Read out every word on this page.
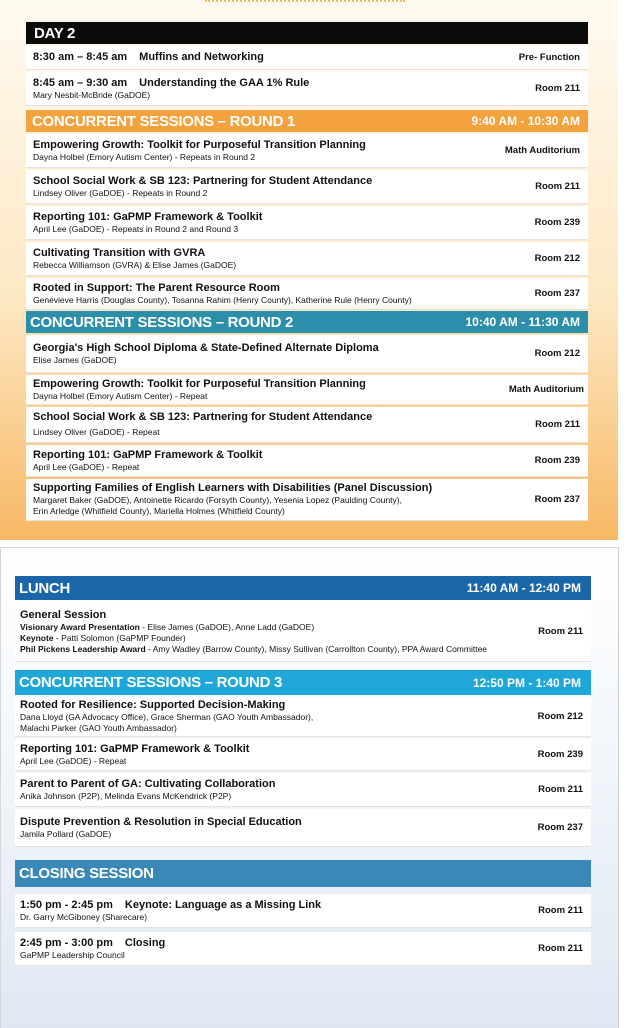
DAY 2
8:30 am – 8:45 am Muffins and Networking	Pre- Function
8:45 am – 9:30 am Understanding the GAA 1% Rule
Mary Nesbit-McBride (GaDOE)
Room 211
CONCURRENT SESSIONS – ROUND 1	9:40 AM - 10:30 AM
Empowering Growth: Toolkit for Purposeful Transition Planning
Dayna Holbel (Emory Autism Center) - Repeats in Round 2
Math Auditorium
School Social Work & SB 123: Partnering for Student Attendance
Lindsey Oliver (GaDOE) - Repeats in Round 2
Room 211
Reporting 101: GaPMP Framework & Toolkit
April Lee (GaDOE) - Repeats in Round 2 and Round 3
Room 239
Cultivating Transition with GVRA
Rebecca Williamson (GVRA) & Elise James (GaDOE)
Room 212
Rooted in Support: The Parent Resource Room
Genevieve Harris (Douglas County), Tosanna Rahim (Henry County), Katherine Rule (Henry County)
Room 237
CONCURRENT SESSIONS – ROUND 2	10:40 AM - 11:30 AM
Georgia's High School Diploma & State-Defined Alternate Diploma
Elise James (GaDOE)
Room 212
Empowering Growth: Toolkit for Purposeful Transition Planning
Dayna Holbel (Emory Autism Center) - Repeat
Math Auditorium
School Social Work & SB 123: Partnering for Student Attendance
Lindsey Oliver (GaDOE) - Repeat
Room 211
Reporting 101: GaPMP Framework & Toolkit
April Lee (GaDOE) - Repeat
Room 239
Supporting Families of English Learners with Disabilities (Panel Discussion)
Margaret Baker (GaDOE), Antoinette Ricardo (Forsyth County), Yesenia Lopez (Paulding County),
Erin Arledge (Whitfield County), Mariella Holmes (Whitfield County)
Room 237
LUNCH	11:40 AM - 12:40 PM
General Session
Visionary Award Presentation - Elise James (GaDOE), Anne Ladd (GaDOE)
Keynote - Patti Solomon (GaPMP Founder)
Phil Pickens Leadership Award - Amy Wadley (Barrow County), Missy Sullivan (Carrollton County), PPA Award Committee
Room 211
CONCURRENT SESSIONS – ROUND 3	12:50 PM - 1:40 PM
Rooted for Resilience: Supported Decision-Making
Dana Lloyd (GA Advocacy Office), Grace Sherman (GAO Youth Ambassador),
Malachi Parker (GAO Youth Ambassador)
Room 212
Reporting 101: GaPMP Framework & Toolkit
April Lee (GaDOE) - Repeat
Room 239
Parent to Parent of GA: Cultivating Collaboration
Anika Johnson (P2P), Melinda Evans McKendrick (P2P)
Room 211
Dispute Prevention & Resolution in Special Education
Jamila Pollard (GaDOE)
Room 237
CLOSING SESSION
1:50 pm - 2:45 pm Keynote: Language as a Missing Link
Dr. Garry McGiboney (Sharecare)
Room 211
2:45 pm - 3:00 pm Closing
GaPMP Leadership Council
Room 211
